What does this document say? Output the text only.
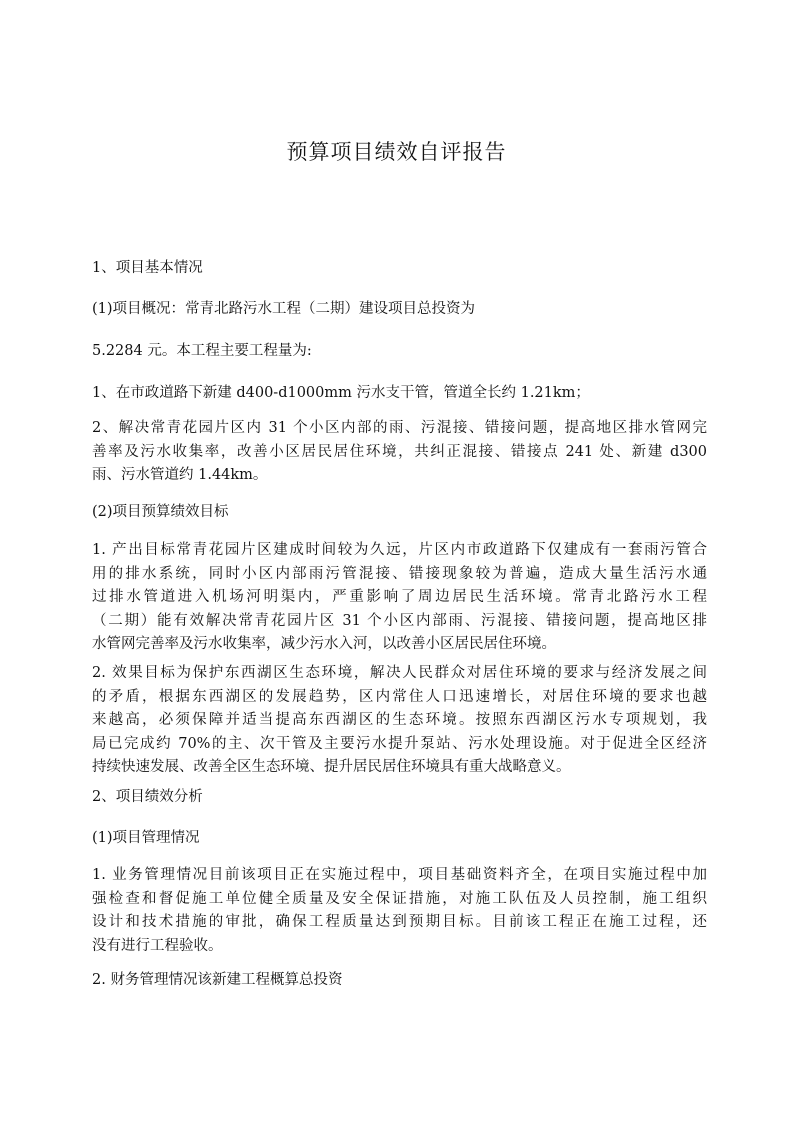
预算项目绩效自评报告

1、项目基本情况

(1)项目概况：常青北路污水工程（二期）建设项目总投资为

5.2284 元。本工程主要工程量为:

1、在市政道路下新建 d400-d1000mm 污水支干管，管道全长约 1.21km；

2、解决常青花园片区内 31 个小区内部的雨、污混接、错接问题，提高地区排水管网完
善率及污水收集率，改善小区居民居住环境，共纠正混接、错接点 241 处、新建 d300
雨、污水管道约 1.44km。

(2)项目预算绩效目标

1. 产出目标常青花园片区建成时间较为久远，片区内市政道路下仅建成有一套雨污管合
用的排水系统，同时小区内部雨污管混接、错接现象较为普遍，造成大量生活污水通
过排水管道进入机场河明渠内，严重影响了周边居民生活环境。常青北路污水工程
（二期）能有效解决常青花园片区 31 个小区内部雨、污混接、错接问题，提高地区排
水管网完善率及污水收集率，减少污水入河，以改善小区居民居住环境。
2. 效果目标为保护东西湖区生态环境，解决人民群众对居住环境的要求与经济发展之间
的矛盾，根据东西湖区的发展趋势，区内常住人口迅速增长，对居住环境的要求也越
来越高，必须保障并适当提高东西湖区的生态环境。按照东西湖区污水专项规划，我
局已完成约 70%的主、次干管及主要污水提升泵站、污水处理设施。对于促进全区经济
持续快速发展、改善全区生态环境、提升居民居住环境具有重大战略意义。

2、项目绩效分析

(1)项目管理情况

1. 业务管理情况目前该项目正在实施过程中，项目基础资料齐全，在项目实施过程中加
强检查和督促施工单位健全质量及安全保证措施，对施工队伍及人员控制，施工组织
设计和技术措施的审批，确保工程质量达到预期目标。目前该工程正在施工过程，还
没有进行工程验收。

2. 财务管理情况该新建工程概算总投资
